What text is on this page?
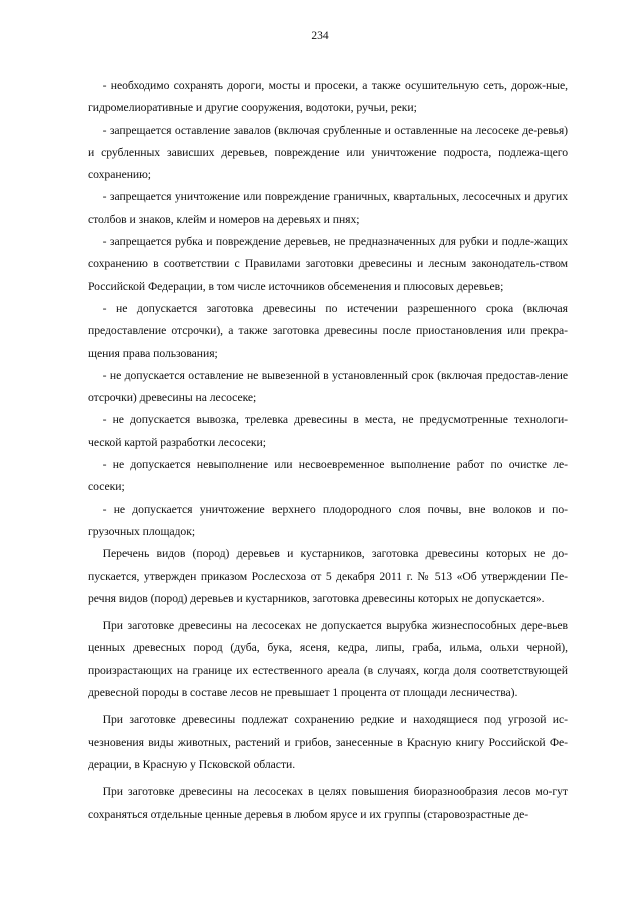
234

- необходимо сохранять дороги, мосты и просеки, а также осушительную сеть, дорож-ные, гидромелиоративные и другие сооружения, водотоки, ручьи, реки;

- запрещается оставление завалов (включая срубленные и оставленные на лесосеке де-ревья) и срубленных зависших деревьев, повреждение или уничтожение подроста, подлежа-щего сохранению;

- запрещается уничтожение или повреждение граничных, квартальных, лесосечных и других столбов и знаков, клейм и номеров на деревьях и пнях;

- запрещается рубка и повреждение деревьев, не предназначенных для рубки и подле-жащих сохранению в соответствии с Правилами заготовки древесины и лесным законодатель-ством Российской Федерации, в том числе источников обсеменения и плюсовых деревьев;

- не допускается заготовка древесины по истечении разрешенного срока (включая предоставление отсрочки), а также заготовка древесины после приостановления или прекра-щения права пользования;

- не допускается оставление не вывезенной в установленный срок (включая предостав-ление отсрочки) древесины на лесосеке;

- не допускается вывозка, трелевка древесины в места, не предусмотренные технологи-ческой картой разработки лесосеки;

- не допускается невыполнение или несвоевременное выполнение работ по очистке ле-сосеки;

- не допускается уничтожение верхнего плодородного слоя почвы, вне волоков и по-грузочных площадок;

Перечень видов (пород) деревьев и кустарников, заготовка древесины которых не до-пускается, утвержден приказом Рослесхоза от 5 декабря 2011 г. № 513 «Об утверждении Пе-речня видов (пород) деревьев и кустарников, заготовка древесины которых не допускается».

При заготовке древесины на лесосеках не допускается вырубка жизнеспособных дере-вьев ценных древесных пород (дуба, бука, ясеня, кедра, липы, граба, ильма, ольхи черной), произрастающих на границе их естественного ареала (в случаях, когда доля соответствующей древесной породы в составе лесов не превышает 1 процента от площади лесничества).

При заготовке древесины подлежат сохранению редкие и находящиеся под угрозой ис-чезновения виды животных, растений и грибов, занесенные в Красную книгу Российской Фе-дерации, в Красную у Псковской области.

При заготовке древесины на лесосеках в целях повышения биоразнообразия лесов мо-гут сохраняться отдельные ценные деревья в любом ярусе и их группы (старовозрастные де-
